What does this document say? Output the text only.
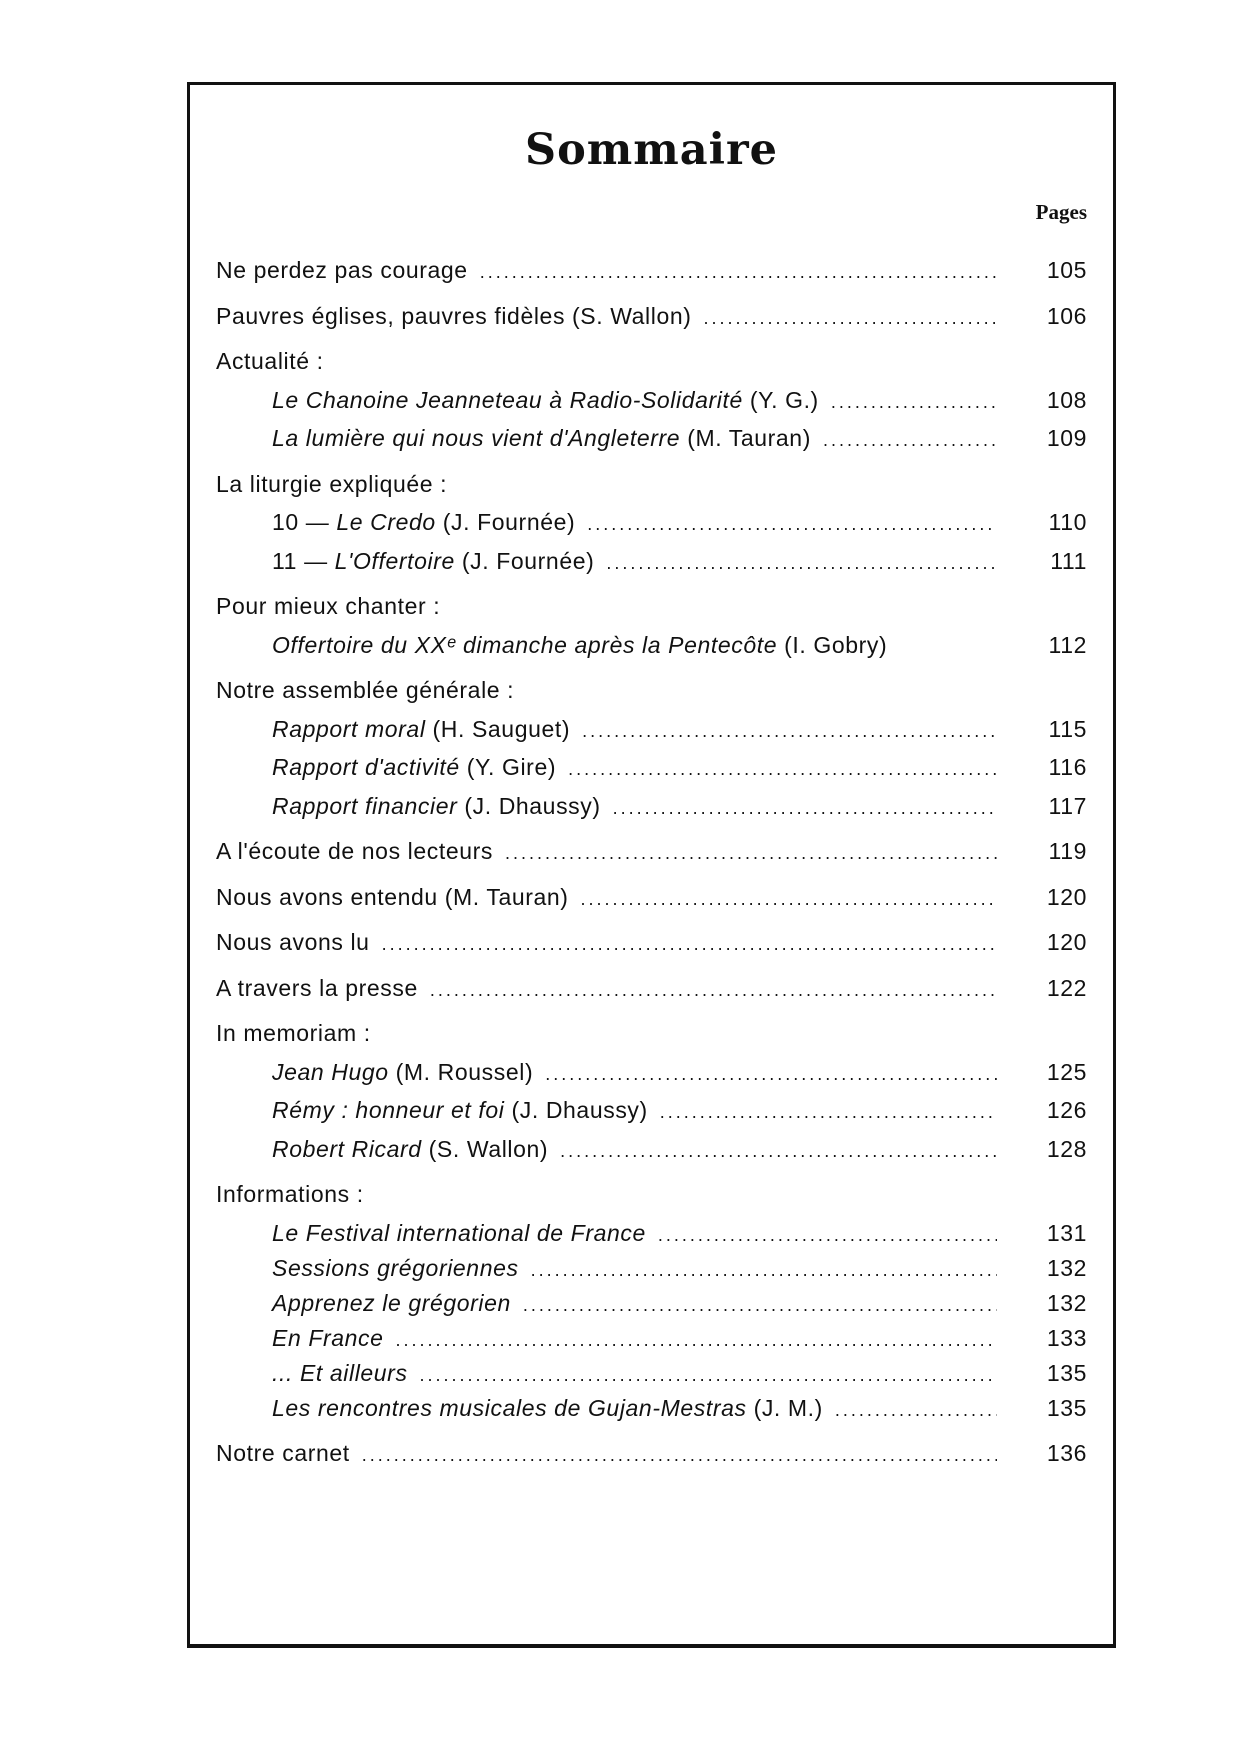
Sommaire
Pages
Ne perdez pas courage . . .	105
Pauvres églises, pauvres fidèles (S. Wallon) . . .	106
Actualité :
Le Chanoine Jeanneteau à Radio-Solidarité (Y. G.) . . .	108
La lumière qui nous vient d'Angleterre (M. Tauran) . . .	109
La liturgie expliquée :
10 — Le Credo (J. Fournée) . . .	110
11 — L'Offertoire (J. Fournée) . . .	111
Pour mieux chanter :
Offertoire du XXᵉ dimanche après la Pentecôte (I. Gobry)	112
Notre assemblée générale :
Rapport moral (H. Sauguet) . . .	115
Rapport d'activité (Y. Gire) . . .	116
Rapport financier (J. Dhaussy) . . .	117
A l'écoute de nos lecteurs . . .	119
Nous avons entendu (M. Tauran) . . .	120
Nous avons lu . . .	120
A travers la presse . . .	122
In memoriam :
Jean Hugo (M. Roussel) . . .	125
Rémy : honneur et foi (J. Dhaussy) . . .	126
Robert Ricard (S. Wallon) . . .	128
Informations :
Le Festival international de France . . .	131
Sessions grégoriennes . . .	132
Apprenez le grégorien . . .	132
En France . . .	133
... Et ailleurs . . .	135
Les rencontres musicales de Gujan-Mestras (J. M.) . . .	135
Notre carnet . . .	136
